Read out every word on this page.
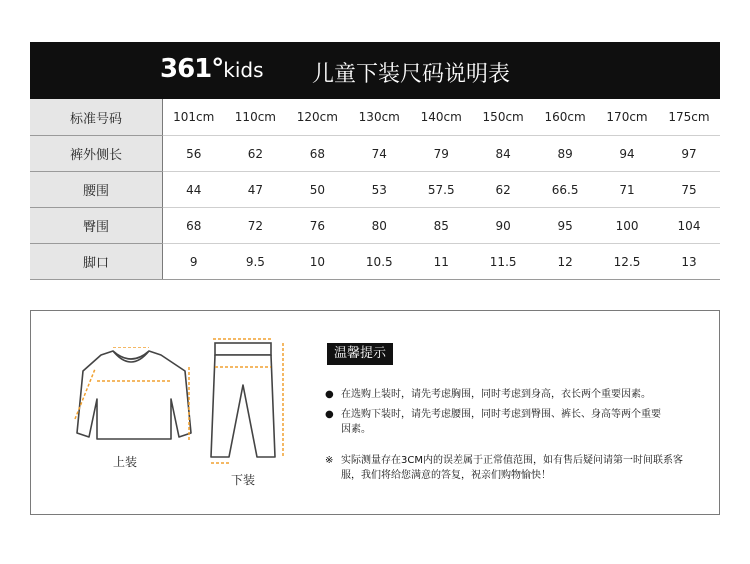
361°kids 儿童下装尺码说明表
标准号码	101cm	110cm	120cm	130cm	140cm	150cm	160cm	170cm	175cm
裤外侧长	56	62	68	74	79	84	89	94	97
腰围	44	47	50	53	57.5	62	66.5	71	75
臀围	68	72	76	80	85	90	95	100	104
脚口	9	9.5	10	10.5	11	11.5	12	12.5	13
上装
下装
温馨提示
● 在选购上装时，请先考虑胸围，同时考虑到身高，衣长两个重要因素。
● 在选购下装时，请先考虑腰围，同时考虑到臀围、裤长、身高等两个重要因素。
※ 实际测量存在3CM内的误差属于正常值范围，如有售后疑问请第一时间联系客服，我们将给您满意的答复，祝亲们购物愉快！
